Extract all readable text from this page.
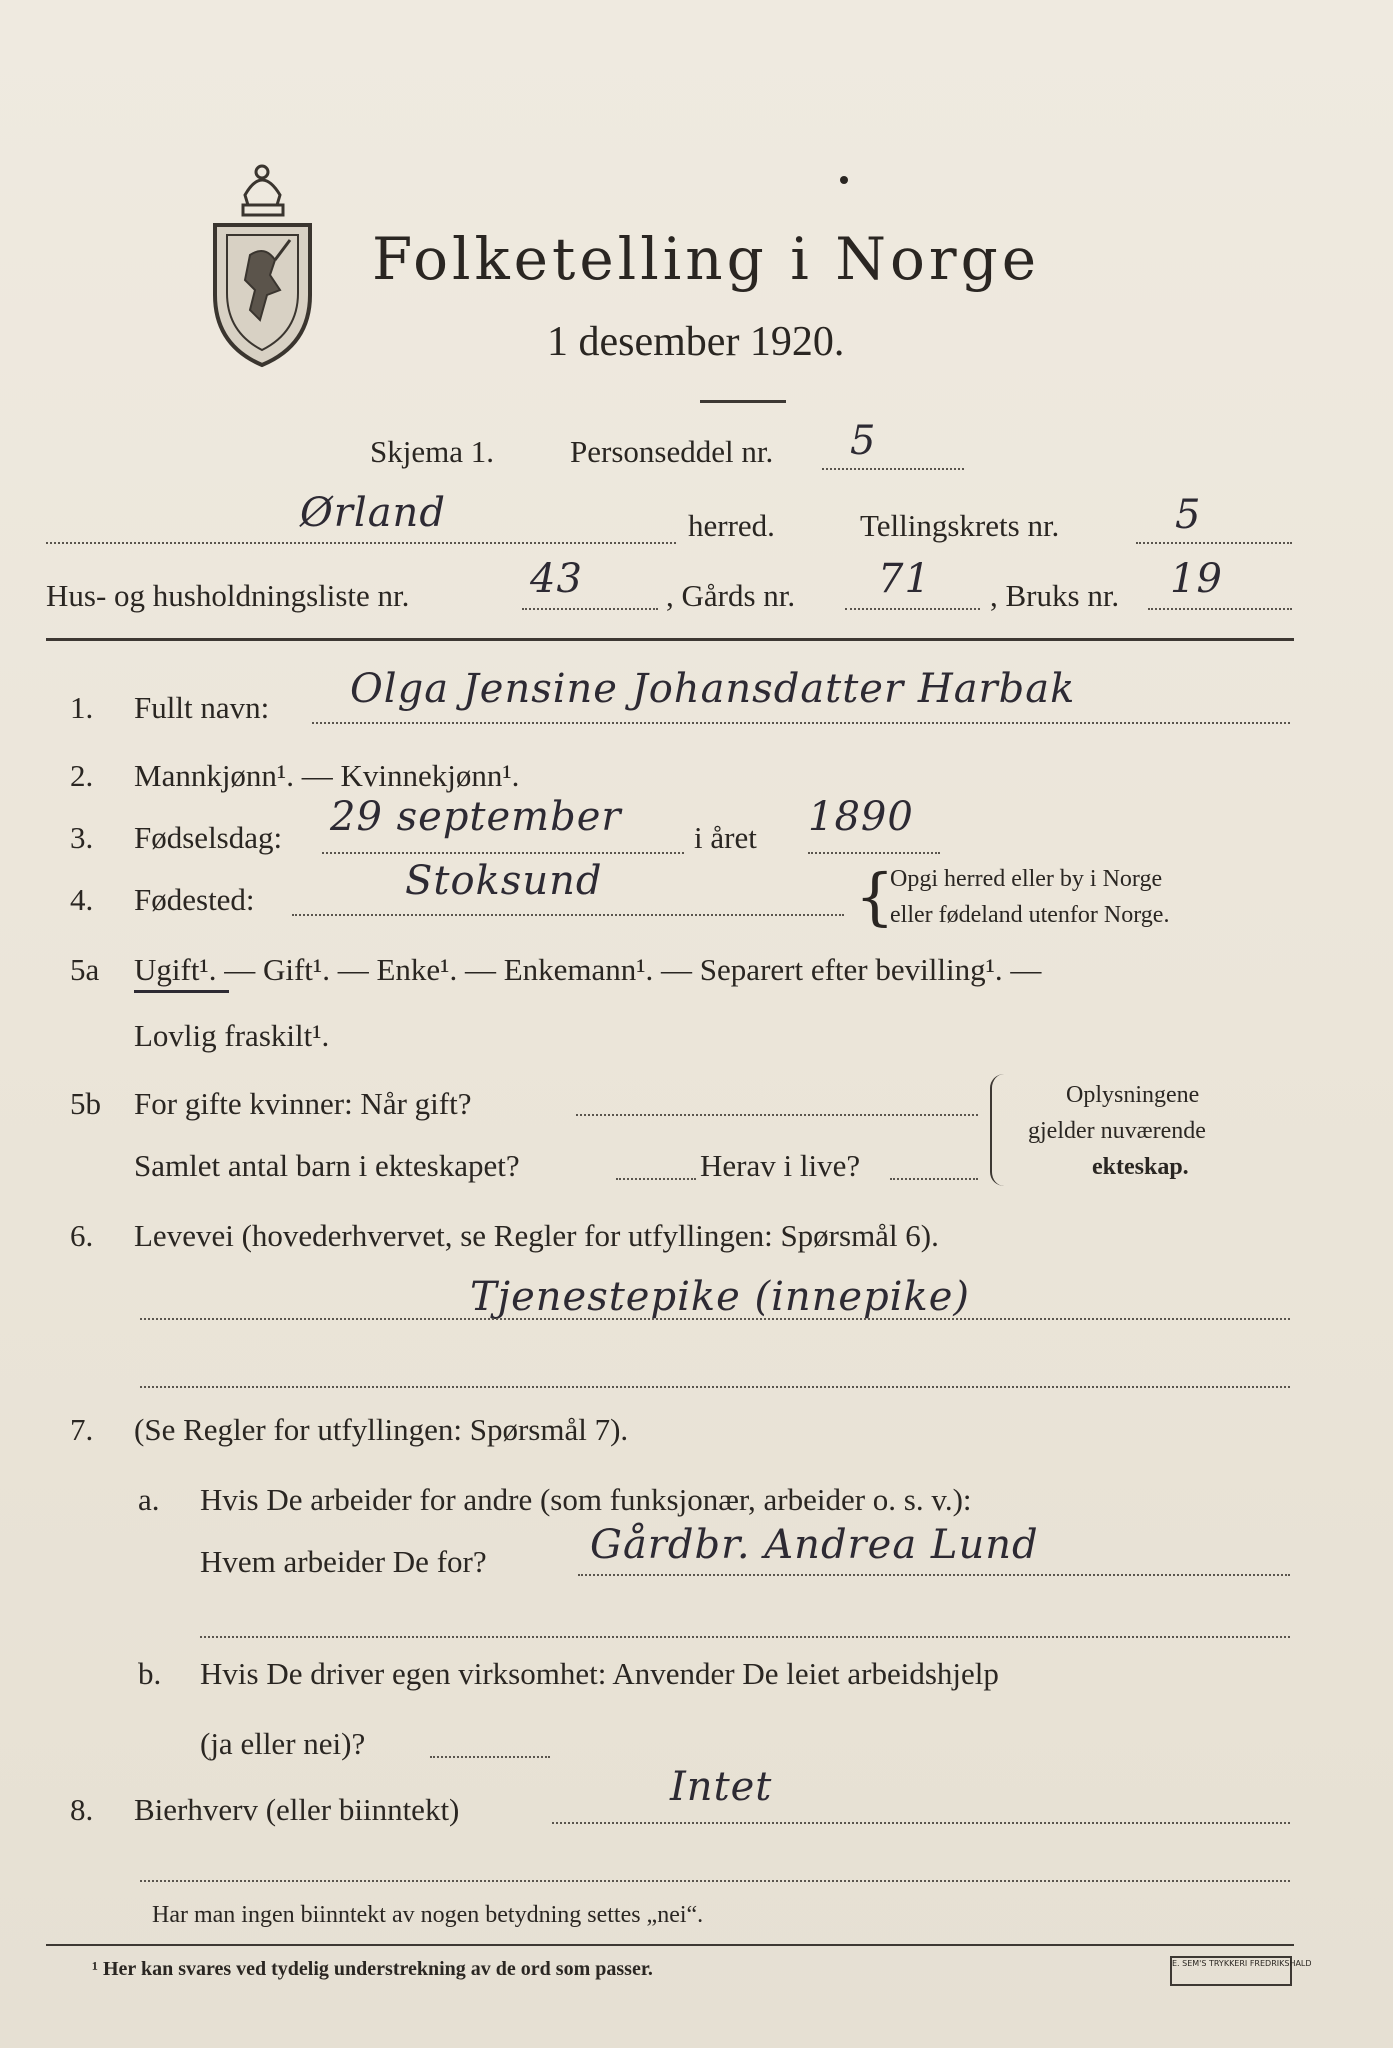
Folketelling i Norge
1 desember 1920.
Skjema 1. Personseddel nr. 5
Ørland	herred.	Tellingskrets nr.	5
Hus- og husholdningsliste nr.	43	, Gårds nr. 71 , Bruks nr. 19
1. Fullt navn: Olga Jensine Johansdatter Harbak
2. Mannkjønn¹. — Kvinnekjønn¹.
3. Fødselsdag: 29 september i året 1890
4. Fødested:	Stoksund	{
Opgi herred eller by i Norge
eller fødeland utenfor Norge.
5a Ugift¹. — Gift¹. — Enke¹. — Enkemann¹. — Separert efter bevilling¹. —
Lovlig fraskilt¹.
5b For gifte kvinner: Når gift?
Samlet antal barn i ekteskapet?	Herav i live?
Oplysningene
gjelder nuværende
ekteskap.
6. Levevei (hovederhvervet, se Regler for utfyllingen: Spørsmål 6).
Tjenestepike (innepike)
7. (Se Regler for utfyllingen: Spørsmål 7).
a. Hvis De arbeider for andre (som funksjonær, arbeider o. s. v.):
Hvem arbeider De for?	Gårdbr. Andrea Lund
b. Hvis De driver egen virksomhet: Anvender De leiet arbeidshjelp
(ja eller nei)?
8. Bierhverv (eller biinntekt)	Intet
Har man ingen biinntekt av nogen betydning settes „nei“.
¹ Her kan svares ved tydelig understrekning av de ord som passer.	E. SEM'S TRYKKERI FREDRIKSHALD
